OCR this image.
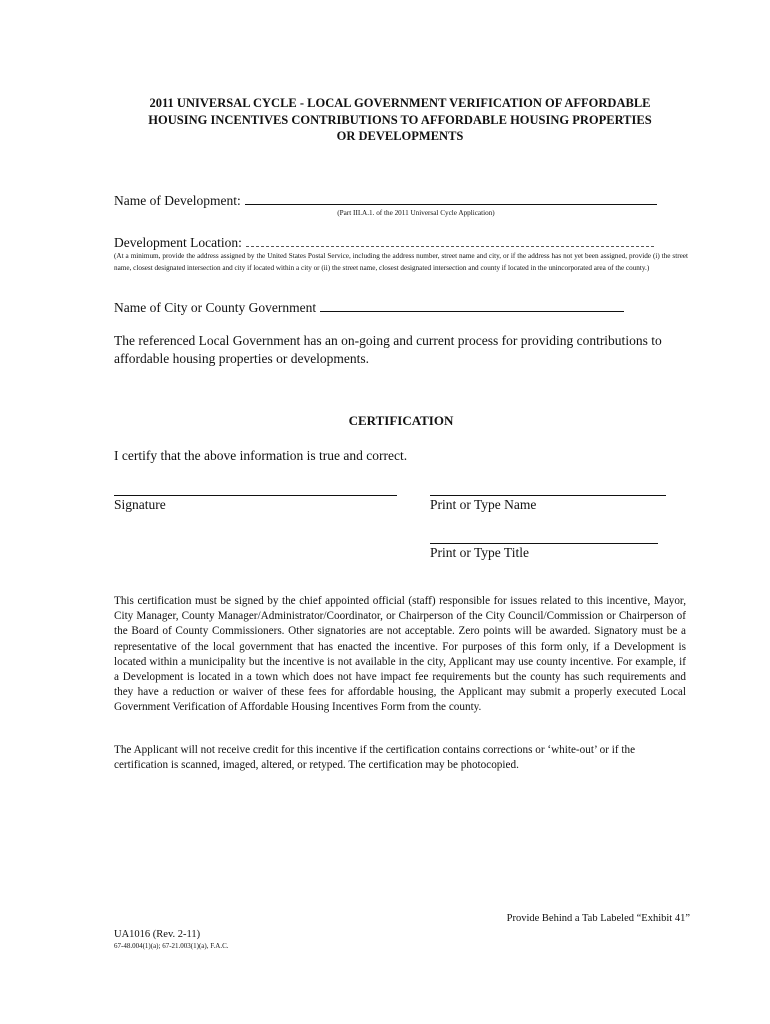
2011 UNIVERSAL CYCLE - LOCAL GOVERNMENT VERIFICATION OF AFFORDABLE
HOUSING INCENTIVES CONTRIBUTIONS TO AFFORDABLE HOUSING PROPERTIES
OR DEVELOPMENTS
Name of Development:
(Part III.A.1. of the 2011 Universal Cycle Application)
Development Location:
(At a minimum, provide the address assigned by the United States Postal Service, including the address number, street name and city, or if the address has not yet been assigned, provide (i) the street name, closest designated intersection and city if located within a city or (ii) the street name, closest designated intersection and county if located in the unincorporated area of the county.)
Name of City or County Government
The referenced Local Government has an on-going and current process for providing contributions to affordable housing properties or developments.
CERTIFICATION
I certify that the above information is true and correct.
Signature	Print or Type Name
Print or Type Title
This certification must be signed by the chief appointed official (staff) responsible for issues related to this incentive, Mayor, City Manager, County Manager/Administrator/Coordinator, or Chairperson of the City Council/Commission or Chairperson of the Board of County Commissioners. Other signatories are not acceptable. Zero points will be awarded. Signatory must be a representative of the local government that has enacted the incentive. For purposes of this form only, if a Development is located within a municipality but the incentive is not available in the city, Applicant may use county incentive. For example, if a Development is located in a town which does not have impact fee requirements but the county has such requirements and they have a reduction or waiver of these fees for affordable housing, the Applicant may submit a properly executed Local Government Verification of Affordable Housing Incentives Form from the county.
The Applicant will not receive credit for this incentive if the certification contains corrections or ‘white-out’ or if the certification is scanned, imaged, altered, or retyped. The certification may be photocopied.
Provide Behind a Tab Labeled “Exhibit 41”
UA1016 (Rev. 2-11)
67-48.004(1)(a); 67-21.003(1)(a), F.A.C.
